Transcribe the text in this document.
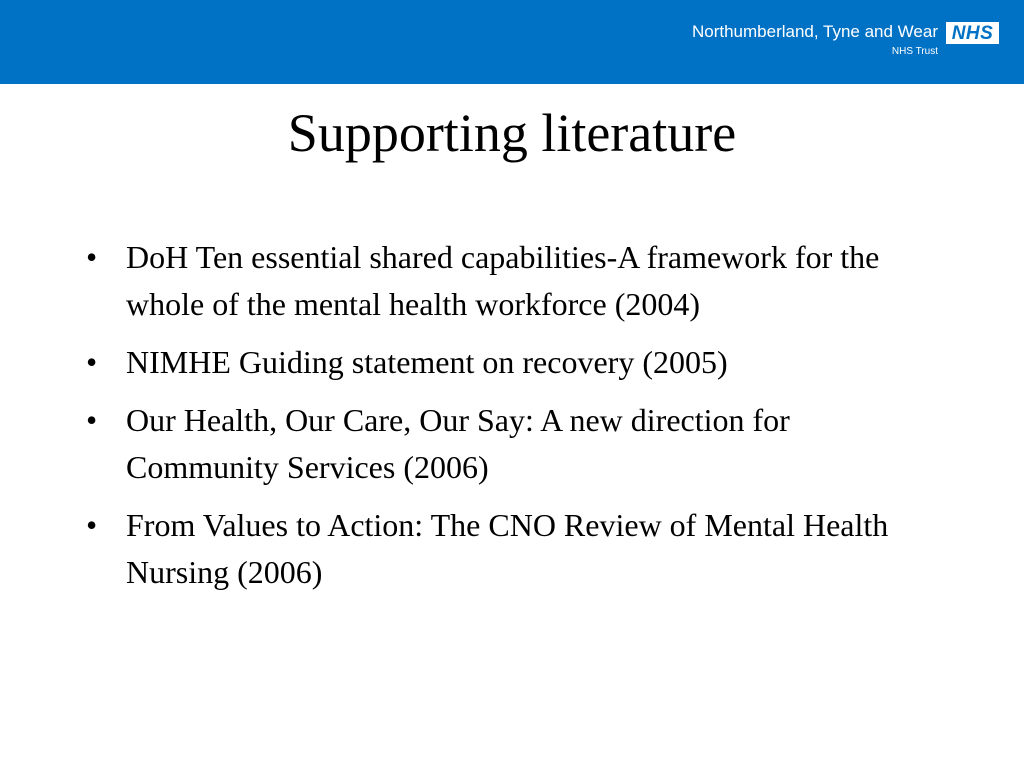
Northumberland, Tyne and Wear
NHS Trust
NHS
Supporting literature
• DoH Ten essential shared capabilities-A framework for the whole of the mental health workforce (2004)
• NIMHE Guiding statement on recovery (2005)
• Our Health, Our Care, Our Say: A new direction for Community Services (2006)
• From Values to Action: The CNO Review of Mental Health Nursing (2006)
